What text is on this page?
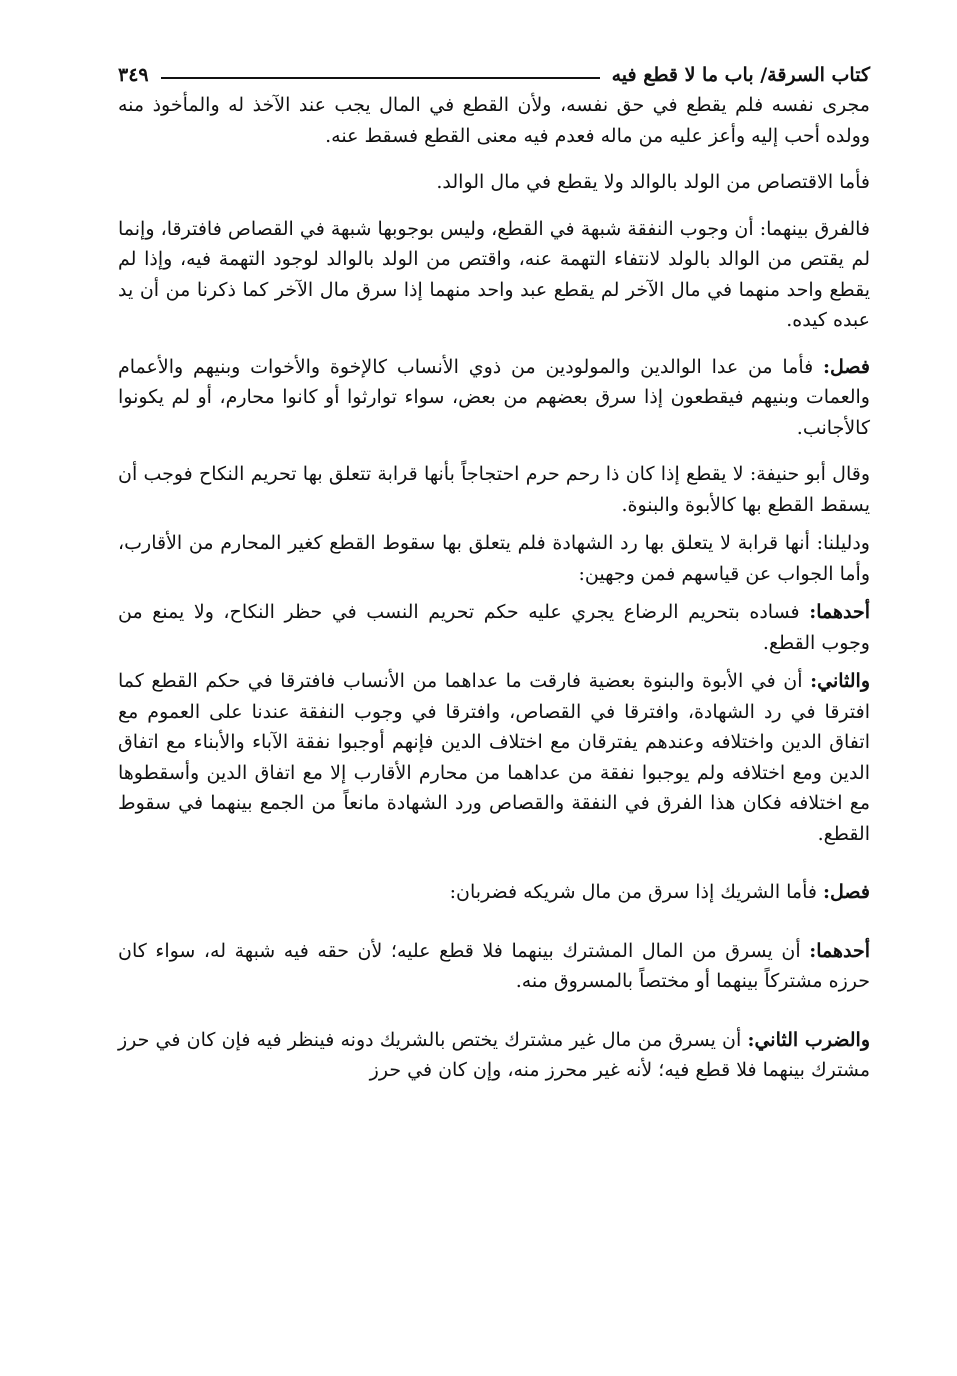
كتاب السرقة/ باب ما لا قطع فيه
٣٤٩

مجرى نفسه فلم يقطع في حق نفسه، ولأن القطع في المال يجب عند الآخذ له والمأخوذ منه وولده أحب إليه وأعز عليه من ماله فعدم فيه معنى القطع فسقط عنه.

فأما الاقتصاص من الولد بالوالد ولا يقطع في مال الوالد.

فالفرق بينهما: أن وجوب النفقة شبهة في القطع، وليس بوجوبها شبهة في القصاص فافترقا، وإنما لم يقتص من الوالد بالولد لانتفاء التهمة عنه، واقتص من الولد بالوالد لوجود التهمة فيه، وإذا لم يقطع واحد منهما في مال الآخر لم يقطع عبد واحد منهما إذا سرق مال الآخر كما ذكرنا من أن يد عبده كيده.

فصل: فأما من عدا الوالدين والمولودين من ذوي الأنساب كالإخوة والأخوات وبنيهم والأعمام والعمات وبنيهم فيقطعون إذا سرق بعضهم من بعض، سواء توارثوا أو كانوا محارم، أو لم يكونوا كالأجانب.

وقال أبو حنيفة: لا يقطع إذا كان ذا رحم حرم احتجاجاً بأنها قرابة تتعلق بها تحريم النكاح فوجب أن يسقط القطع بها كالأبوة والبنوة.

ودليلنا: أنها قرابة لا يتعلق بها رد الشهادة فلم يتعلق بها سقوط القطع كغير المحارم من الأقارب، وأما الجواب عن قياسهم فمن وجهين:

أحدهما: فساده بتحريم الرضاع يجري عليه حكم تحريم النسب في حظر النكاح، ولا يمنع من وجوب القطع.

والثاني: أن في الأبوة والبنوة بعضية فارقت ما عداهما من الأنساب فافترقا في حكم القطع كما افترقا في رد الشهادة، وافترقا في القصاص، وافترقا في وجوب النفقة عندنا على العموم مع اتفاق الدين واختلافه وعندهم يفترقان مع اختلاف الدين فإنهم أوجبوا نفقة الآباء والأبناء مع اتفاق الدين ومع اختلافه ولم يوجبوا نفقة من عداهما من محارم الأقارب إلا مع اتفاق الدين وأسقطوها مع اختلافه فكان هذا الفرق في النفقة والقصاص ورد الشهادة مانعاً من الجمع بينهما في سقوط القطع.

فصل: فأما الشريك إذا سرق من مال شريكه فضربان:

أحدهما: أن يسرق من المال المشترك بينهما فلا قطع عليه؛ لأن حقه فيه شبهة له، سواء كان حرزه مشتركاً بينهما أو مختصاً بالمسروق منه.

والضرب الثاني: أن يسرق من مال غير مشترك يختص بالشريك دونه فينظر فيه فإن كان في حرز مشترك بينهما فلا قطع فيه؛ لأنه غير محرز منه، وإن كان في حرز
